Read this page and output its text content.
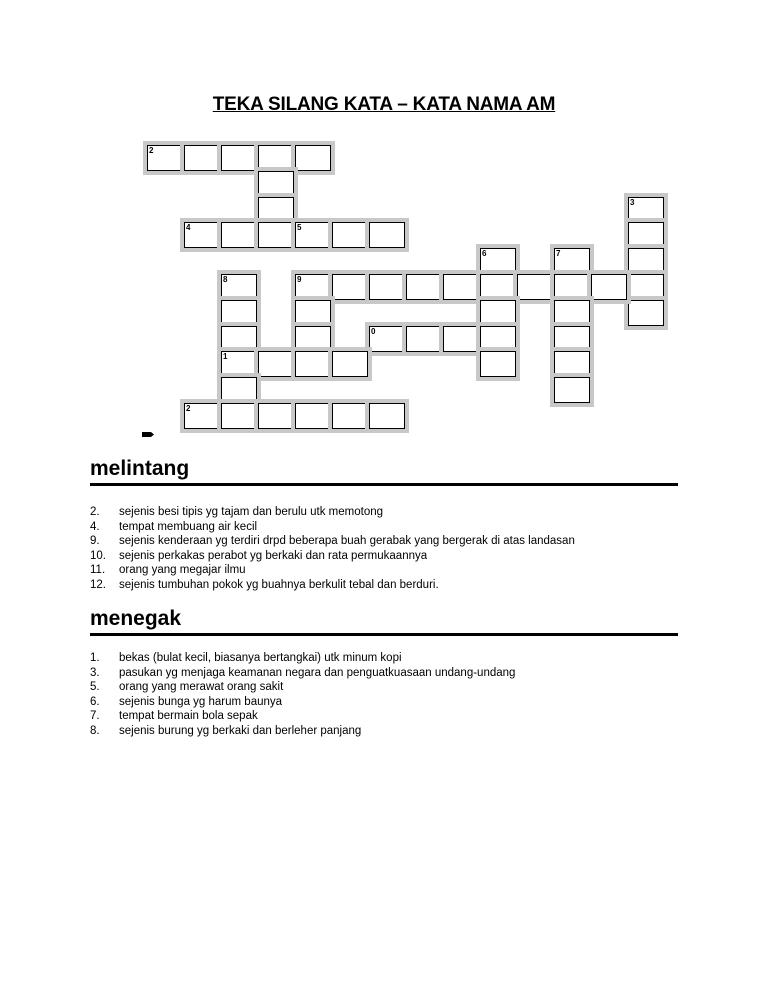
TEKA SILANG KATA – KATA NAMA AM
2
4	5
3
6	7
8	9
0
1
2
melintang
2.	sejenis besi tipis yg tajam dan berulu utk memotong
4.	tempat membuang air kecil
9.	sejenis kenderaan yg terdiri drpd beberapa buah gerabak yang bergerak di atas landasan
10.	sejenis perkakas perabot yg berkaki dan rata permukaannya
11.	orang yang megajar ilmu
12.	sejenis tumbuhan pokok yg buahnya berkulit tebal dan berduri.
menegak
1.	bekas (bulat kecil, biasanya bertangkai) utk minum kopi
3.	pasukan yg menjaga keamanan negara dan penguatkuasaan undang-undang
5.	orang yang merawat orang sakit
6.	sejenis bunga yg harum baunya
7.	tempat bermain bola sepak
8.	sejenis burung yg berkaki dan berleher panjang
